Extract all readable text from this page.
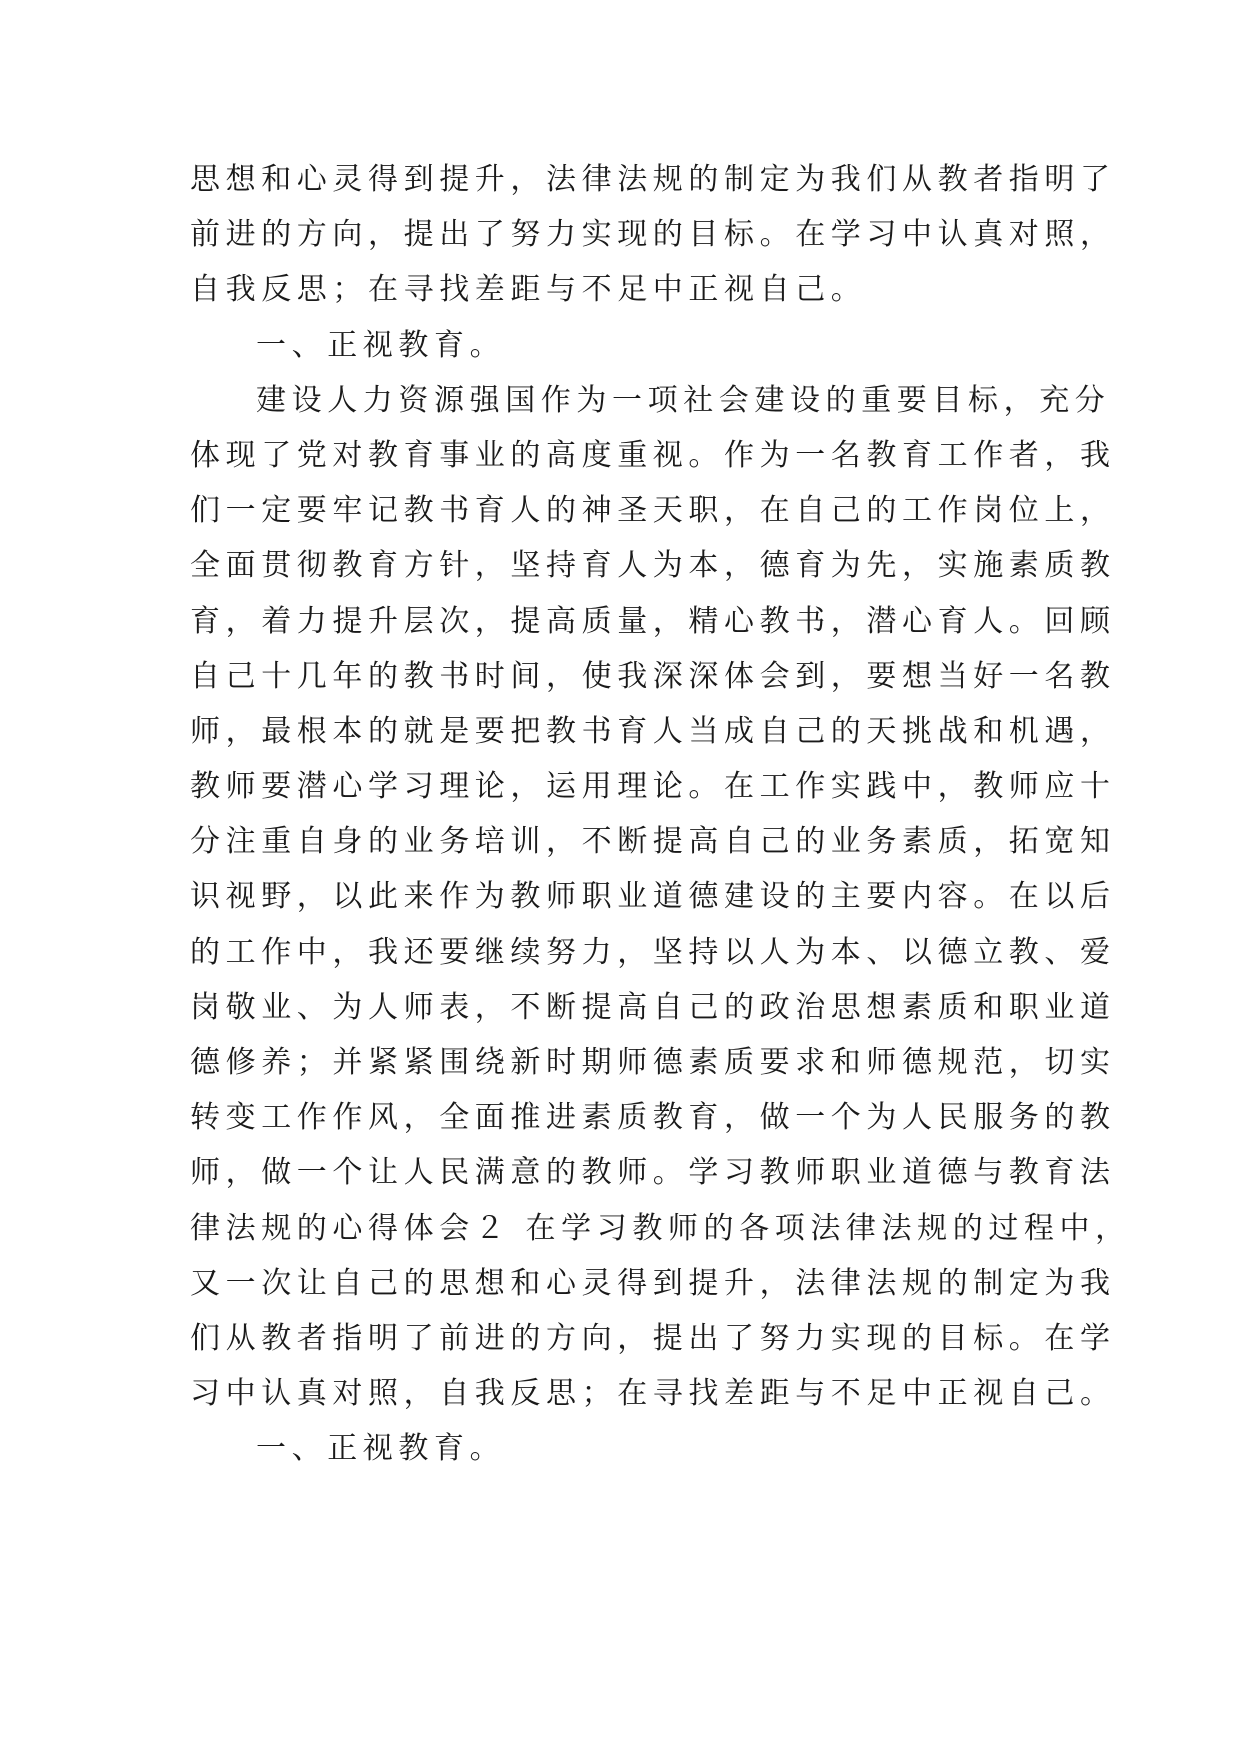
思想和心灵得到提升，法律法规的制定为我们从教者指明了
前进的方向，提出了努力实现的目标。在学习中认真对照，
自我反思；在寻找差距与不足中正视自己。
一、正视教育。
建设人力资源强国作为一项社会建设的重要目标，充分
体现了党对教育事业的高度重视。作为一名教育工作者，我
们一定要牢记教书育人的神圣天职，在自己的工作岗位上，
全面贯彻教育方针，坚持育人为本，德育为先，实施素质教
育，着力提升层次，提高质量，精心教书，潜心育人。回顾
自己十几年的教书时间，使我深深体会到，要想当好一名教
师，最根本的就是要把教书育人当成自己的天挑战和机遇，
教师要潜心学习理论，运用理论。在工作实践中，教师应十
分注重自身的业务培训，不断提高自己的业务素质，拓宽知
识视野，以此来作为教师职业道德建设的主要内容。在以后
的工作中，我还要继续努力，坚持以人为本、以德立教、爱
岗敬业、为人师表，不断提高自己的政治思想素质和职业道
德修养；并紧紧围绕新时期师德素质要求和师德规范，切实
转变工作作风，全面推进素质教育，做一个为人民服务的教
师，做一个让人民满意的教师。学习教师职业道德与教育法
律法规的心得体会２ 在学习教师的各项法律法规的过程中，
又一次让自己的思想和心灵得到提升，法律法规的制定为我
们从教者指明了前进的方向，提出了努力实现的目标。在学
习中认真对照，自我反思；在寻找差距与不足中正视自己。
一、正视教育。
